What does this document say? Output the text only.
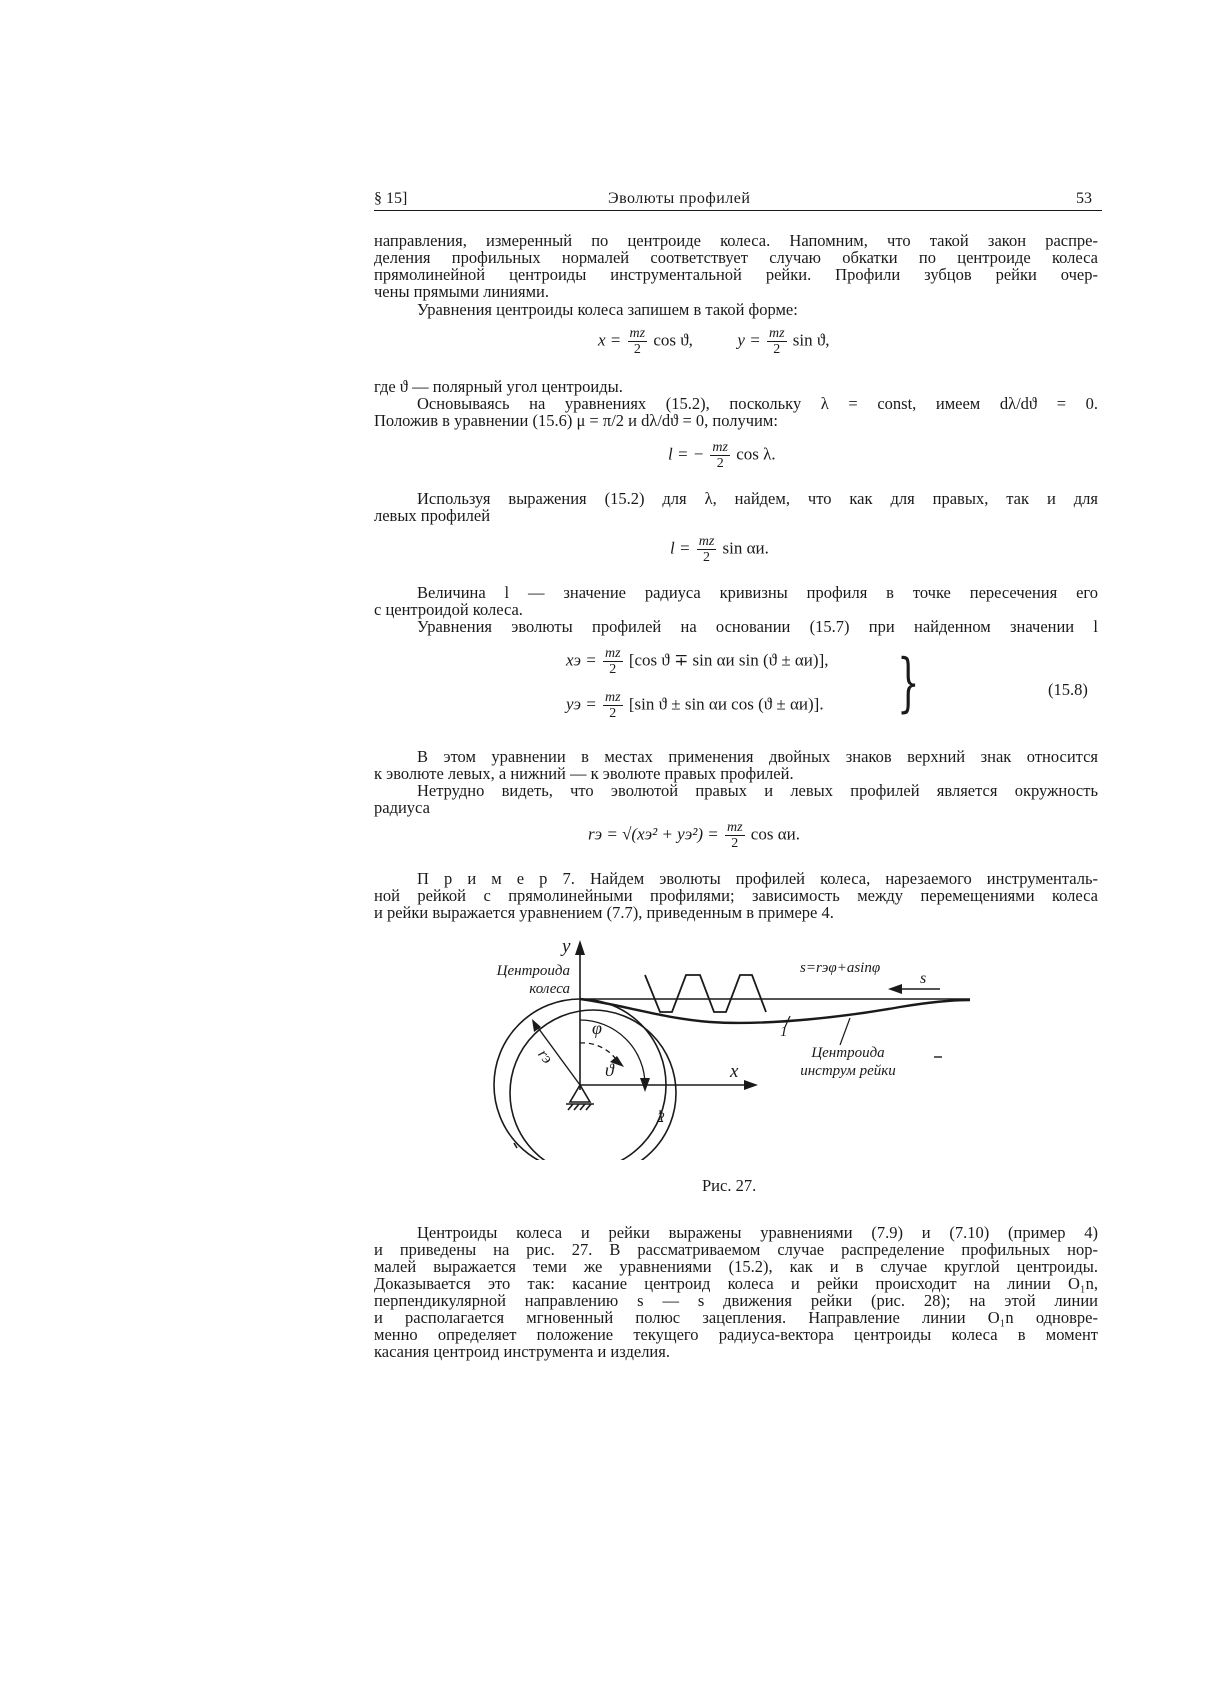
§ 15]	Эволюты профилей	53
направления, измеренный по центроиде колеса. Напомним, что такой закон распре-
деления профильных нормалей соответствует случаю обкатки по центроиде колеса
прямолинейной центроиды инструментальной рейки. Профили зубцов рейки очер-
чены прямыми линиями.
Уравнения центроиды колеса запишем в такой форме:
$x = \frac{mz}{2}$ cos ϑ,	$y = \frac{mz}{2}$ sin ϑ,
где ϑ — полярный угол центроиды.
Основываясь на уравнениях (15.2), поскольку λ = const, имеем dλ/dϑ = 0.
Положив в уравнении (15.6) μ = π/2 и dλ/dϑ = 0, получим:
l = − $\frac{mz}{2}$ cos λ.
Используя выражения (15.2) для λ, найдем, что как для правых, так и для
левых профилей
$l = \frac{mz}{2}$ sin αи.
Величина l — значение радиуса кривизны профиля в точке пересечения его
с центроидой колеса.
Уравнения эволюты профилей на основании (15.7) при найденном значении l
xэ = $\frac{mz}{2} [\cos$ ϑ ∓ sin αи sin (ϑ ± αи)],
yэ = $\frac{mz}{2} [\sin$ ϑ ± sin αи cos (ϑ ± αи)]. }	(15.8)
В этом уравнении в местах применения двойных знаков верхний знак относится
к эволюте левых, а нижний — к эволюте правых профилей.
Нетрудно видеть, что эволютой правых и левых профилей является окружность
радиуса
rэ = $√(xэ^2 + yэ^2) = \frac{mz}{2}$ cos αи.
П р и м е р 7. Найдем эволюты профилей колеса, нарезаемого инструменталь-
ной рейкой с прямолинейными профилями; зависимость между перемещениями колеса
и рейки выражается уравнением (7.7), приведенным в примере 4.
y
x
Центроида
колеса
Центроида
инструм рейки
s=rэφ+asinφ
s
φ
ϑ
rэ
1
2
Рис. 27.
Центроиды колеса и рейки выражены уравнениями (7.9) и (7.10) (пример 4)
и приведены на рис. 27. В рассматриваемом случае распределение профильных нор-
малей выражается теми же уравнениями (15.2), как и в случае круглой центроиды.
Доказывается это так: касание центроид колеса и рейки происходит на линии O₁n,
перпендикулярной направлению s — s движения рейки (рис. 28); на этой линии
и располагается мгновенный полюс зацепления. Направление линии O₁n одновре-
менно определяет положение текущего радиуса-вектора центроиды колеса в момент
касания центроид инструмента и изделия.
